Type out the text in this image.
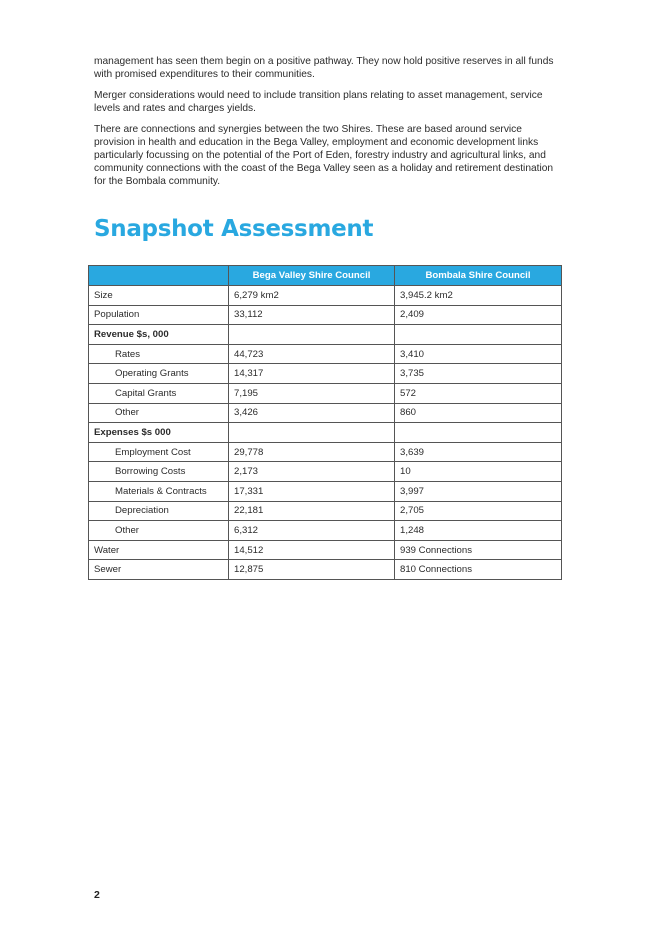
management has seen them begin on a positive pathway. They now hold positive reserves in all funds with promised expenditures to their communities.

Merger considerations would need to include transition plans relating to asset management, service levels and rates and charges yields.

There are connections and synergies between the two Shires. These are based around service provision in health and education in the Bega Valley, employment and economic development links particularly focussing on the potential of the Port of Eden, forestry industry and agricultural links, and community connections with the coast of the Bega Valley seen as a holiday and retirement destination for the Bombala community.

Snapshot Assessment
	Bega Valley Shire Council	Bombala Shire Council
Size	6,279 km2	3,945.2 km2
Population	33,112	2,409
Revenue $s, 000		
Rates	44,723	3,410
Operating Grants	14,317	3,735
Capital Grants	7,195	572
Other	3,426	860
Expenses $s 000		
Employment Cost	29,778	3,639
Borrowing Costs	2,173	10
Materials & Contracts	17,331	3,997
Depreciation	22,181	2,705
Other	6,312	1,248
Water	14,512	939 Connections
Sewer	12,875	810 Connections
2
